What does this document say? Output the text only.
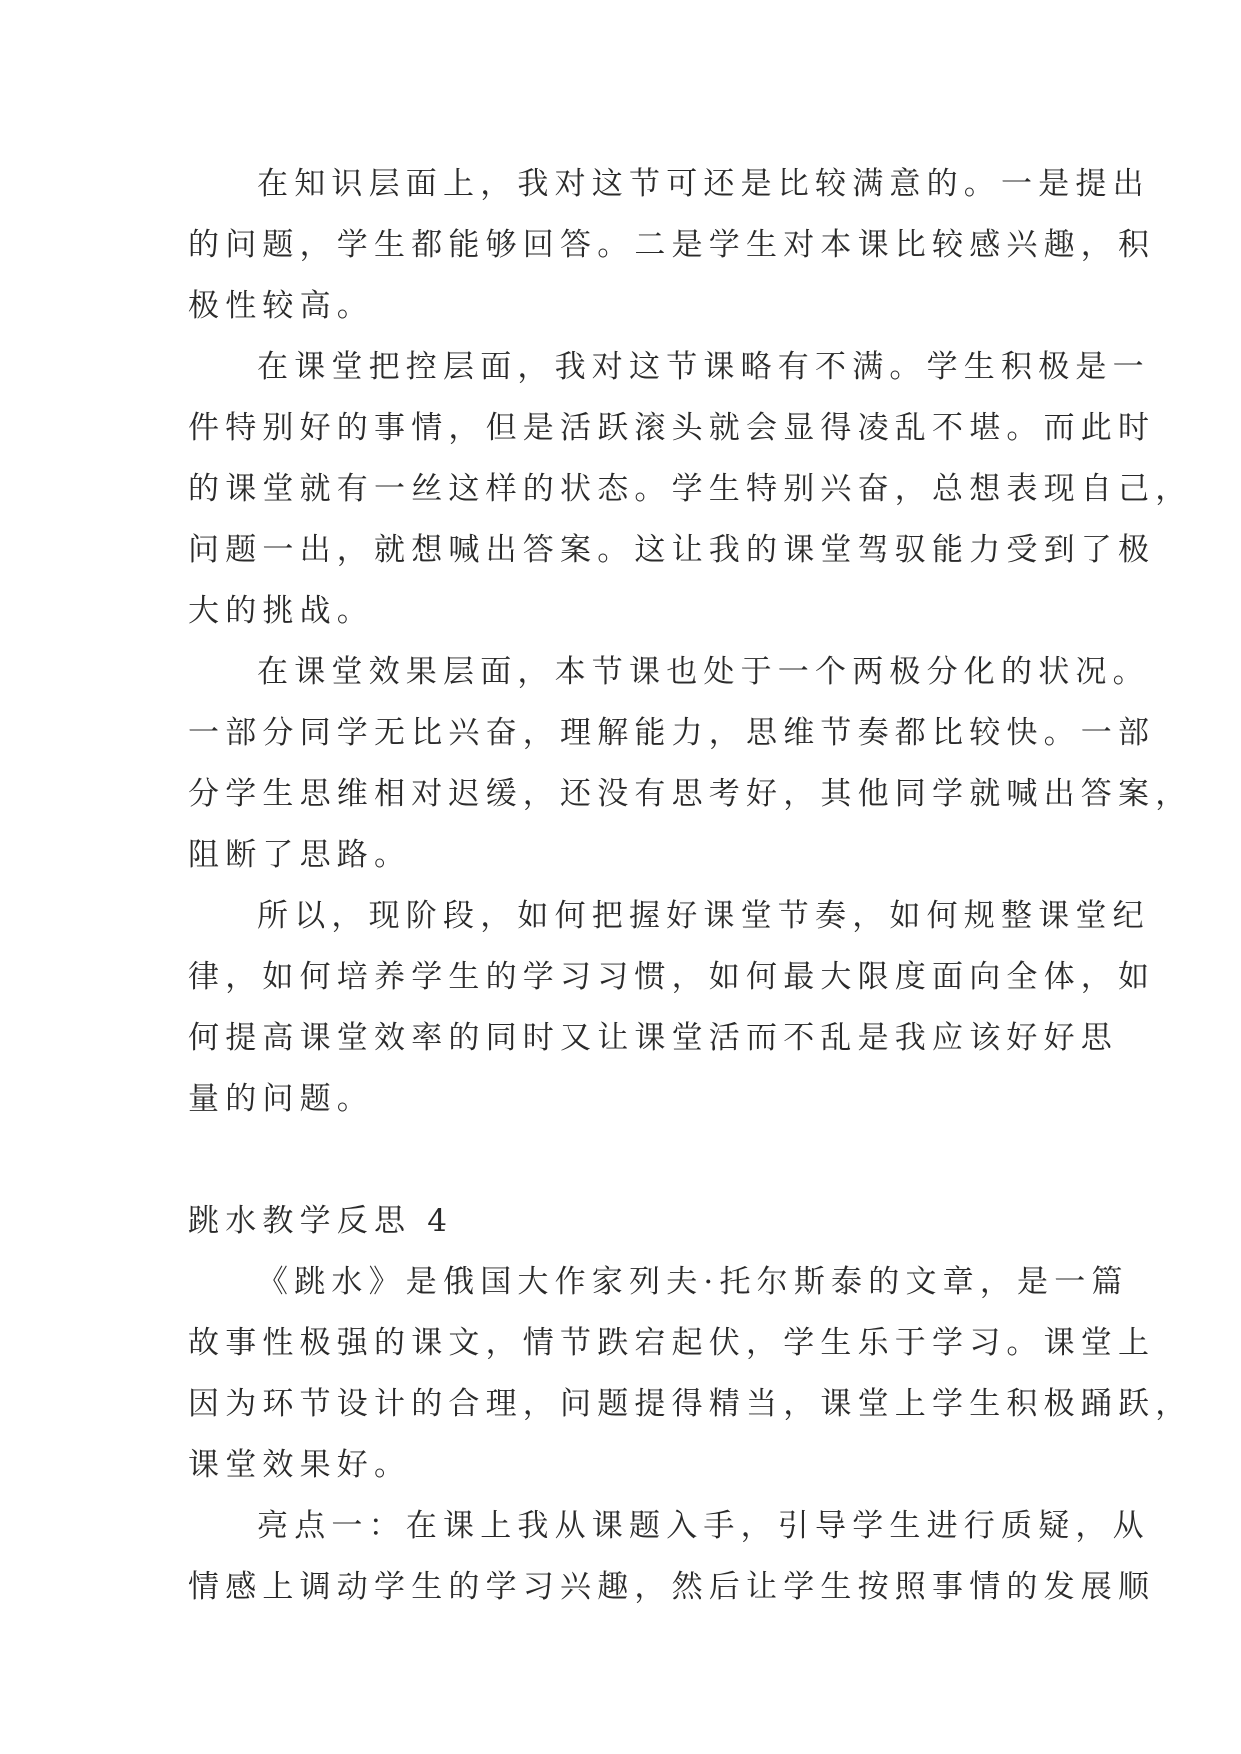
在知识层面上，我对这节可还是比较满意的。一是提出
的问题，学生都能够回答。二是学生对本课比较感兴趣，积
极性较高。
在课堂把控层面，我对这节课略有不满。学生积极是一
件特别好的事情，但是活跃滚头就会显得凌乱不堪。而此时
的课堂就有一丝这样的状态。学生特别兴奋，总想表现自己，
问题一出，就想喊出答案。这让我的课堂驾驭能力受到了极
大的挑战。
在课堂效果层面，本节课也处于一个两极分化的状况。
一部分同学无比兴奋，理解能力，思维节奏都比较快。一部
分学生思维相对迟缓，还没有思考好，其他同学就喊出答案，
阻断了思路。
所以，现阶段，如何把握好课堂节奏，如何规整课堂纪
律，如何培养学生的学习习惯，如何最大限度面向全体，如
何提高课堂效率的同时又让课堂活而不乱是我应该好好思
量的问题。
跳水教学反思 4
《跳水》是俄国大作家列夫·托尔斯泰的文章，是一篇
故事性极强的课文，情节跌宕起伏，学生乐于学习。课堂上
因为环节设计的合理，问题提得精当，课堂上学生积极踊跃，
课堂效果好。
亮点一：在课上我从课题入手，引导学生进行质疑，从
情感上调动学生的学习兴趣，然后让学生按照事情的发展顺
